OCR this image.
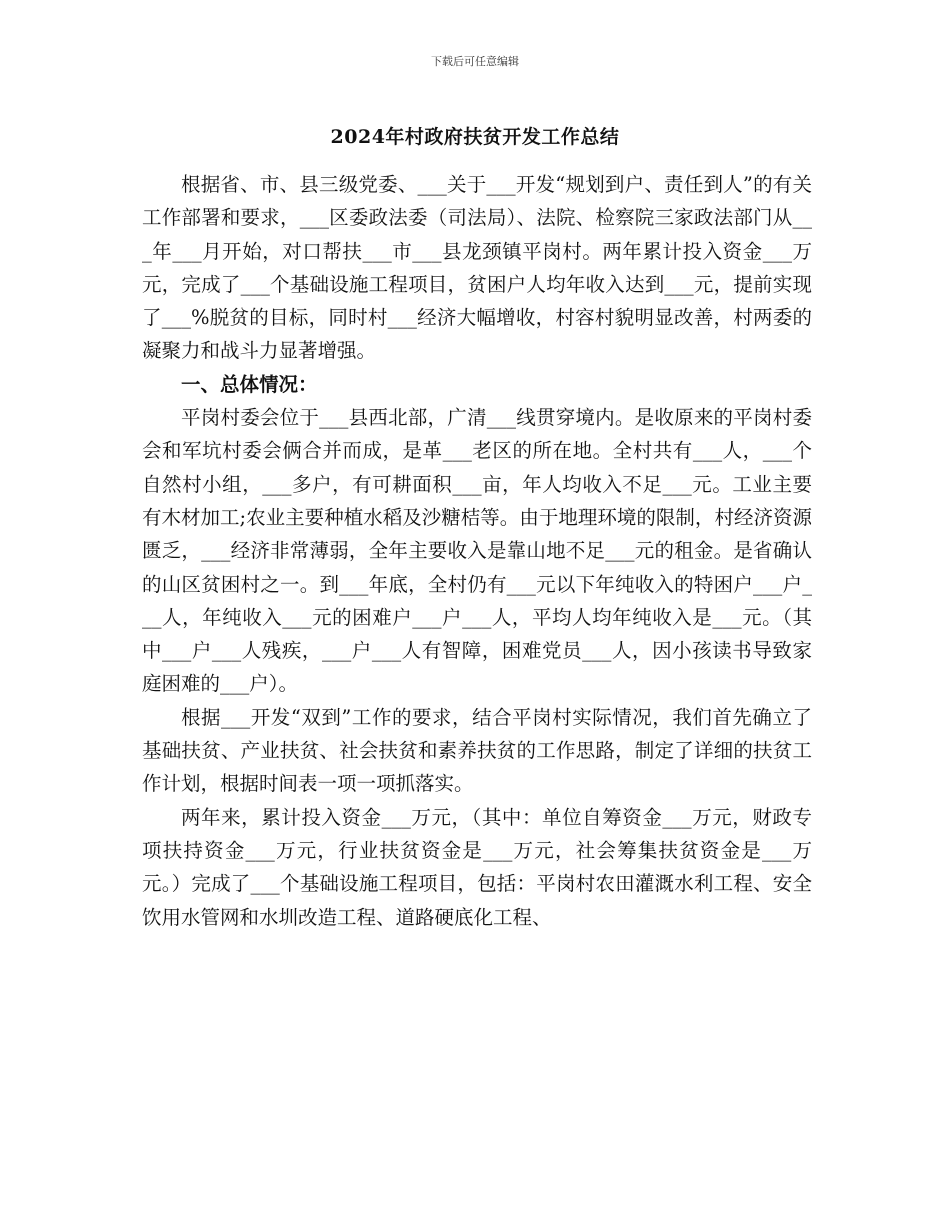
下载后可任意编辑
2024年村政府扶贫开发工作总结

根据省、市、县三级党委、___关于___开发“规划到户、责任到人”的有关工作部署和要求，___区委政法委（司法局）、法院、检察院三家政法部门从___年___月开始，对口帮扶___市___县龙颈镇平岗村。两年累计投入资金___万元，完成了___个基础设施工程项目，贫困户人均年收入达到___元，提前实现了___%脱贫的目标，同时村___经济大幅增收，村容村貌明显改善，村两委的凝聚力和战斗力显著增强。

一、总体情况：

平岗村委会位于___县西北部，广清___线贯穿境内。是收原来的平岗村委会和军坑村委会俩合并而成，是革___老区的所在地。全村共有___人，___个自然村小组，___多户，有可耕面积___亩，年人均收入不足___元。工业主要有木材加工;农业主要种植水稻及沙糖桔等。由于地理环境的限制，村经济资源匮乏，___经济非常薄弱，全年主要收入是靠山地不足___元的租金。是省确认的山区贫困村之一。到___年底，全村仍有___元以下年纯收入的特困户___户___人，年纯收入___元的困难户___户___人，平均人均年纯收入是___元。（其中___户___人残疾，___户___人有智障，困难党员___人，因小孩读书导致家庭困难的___户）。

根据___开发“双到”工作的要求，结合平岗村实际情况，我们首先确立了基础扶贫、产业扶贫、社会扶贫和素养扶贫的工作思路，制定了详细的扶贫工作计划，根据时间表一项一项抓落实。

两年来，累计投入资金___万元，（其中：单位自筹资金___万元，财政专项扶持资金___万元，行业扶贫资金是___万元，社会筹集扶贫资金是___万元。）完成了___个基础设施工程项目，包括：平岗村农田灌溉水利工程、安全饮用水管网和水圳改造工程、道路硬底化工程、
